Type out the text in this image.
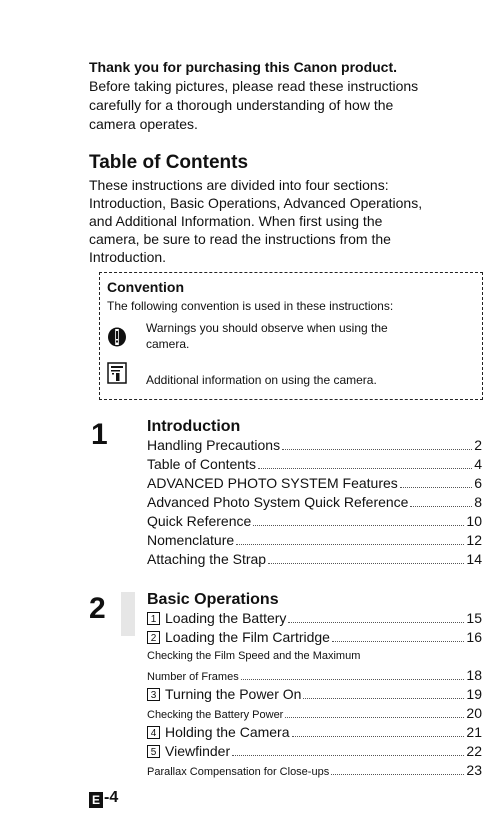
Thank you for purchasing this Canon product.
Before taking pictures, please read these instructions
carefully for a thorough understanding of how the
camera operates.
Table of Contents
These instructions are divided into four sections:
Introduction, Basic Operations, Advanced Operations,
and Additional Information. When first using the
camera, be sure to read the instructions from the
Introduction.
Convention
The following convention is used in these instructions:
Warnings you should observe when using the
camera.
Additional information on using the camera.
1 Introduction
Handling Precautions	2
Table of Contents	4
ADVANCED PHOTO SYSTEM Features	6
Advanced Photo System Quick Reference	8
Quick Reference	10
Nomenclature	12
Attaching the Strap	14
2	Basic Operations
1 Loading the Battery	15
2 Loading the Film Cartridge	16
Checking the Film Speed and the Maximum
Number of Frames	18
3 Turning the Power On	19
Checking the Battery Power	20
4 Holding the Camera	21
5 Viewfinder	22
Parallax Compensation for Close-ups	23
E -4
